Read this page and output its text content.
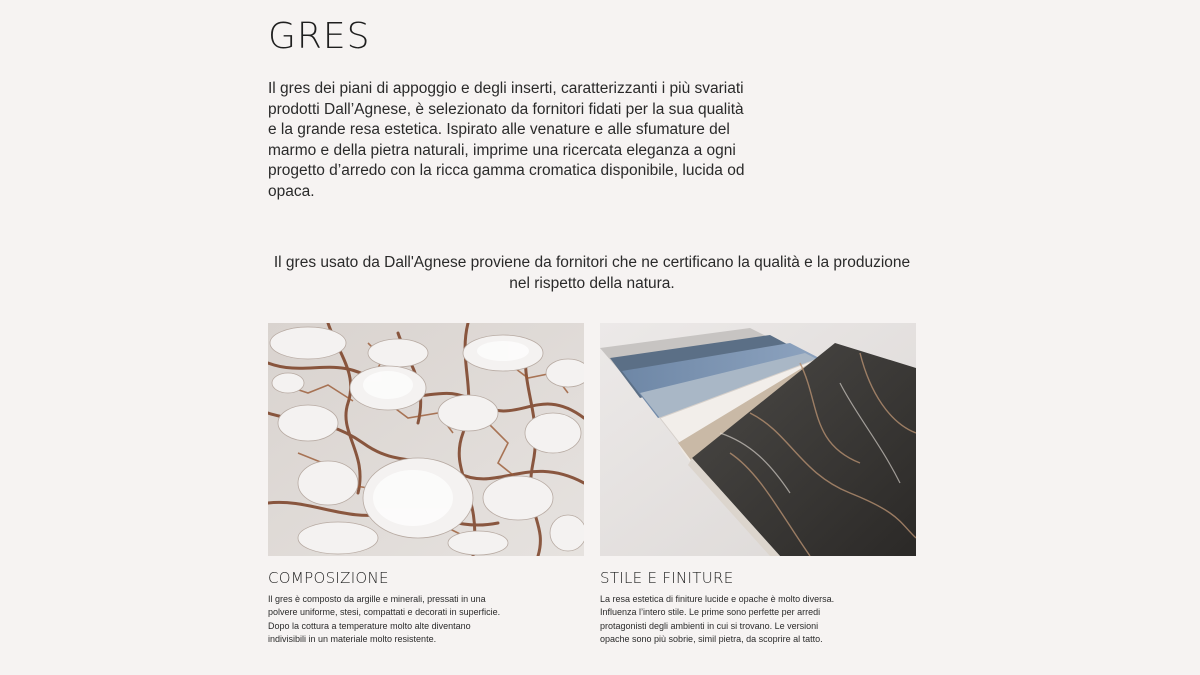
GRES

Il gres dei piani di appoggio e degli inserti, caratterizzanti i più svariati prodotti Dall’Agnese, è selezionato da fornitori fidati per la sua qualità e la grande resa estetica. Ispirato alle venature e alle sfumature del marmo e della pietra naturali, imprime una ricercata eleganza a ogni progetto d’arredo con la ricca gamma cromatica disponibile, lucida od opaca.

Il gres usato da Dall'Agnese proviene da fornitori che ne certificano la qualità e la produzione nel rispetto della natura.

COMPOSIZIONE
Il gres è composto da argille e minerali, pressati in una polvere uniforme, stesi, compattati e decorati in superficie. Dopo la cottura a temperature molto alte diventano indivisibili in un materiale molto resistente.
STILE E FINITURE
La resa estetica di finiture lucide e opache è molto diversa. Influenza l’intero stile. Le prime sono perfette per arredi protagonisti degli ambienti in cui si trovano. Le versioni opache sono più sobrie, simil pietra, da scoprire al tatto.
